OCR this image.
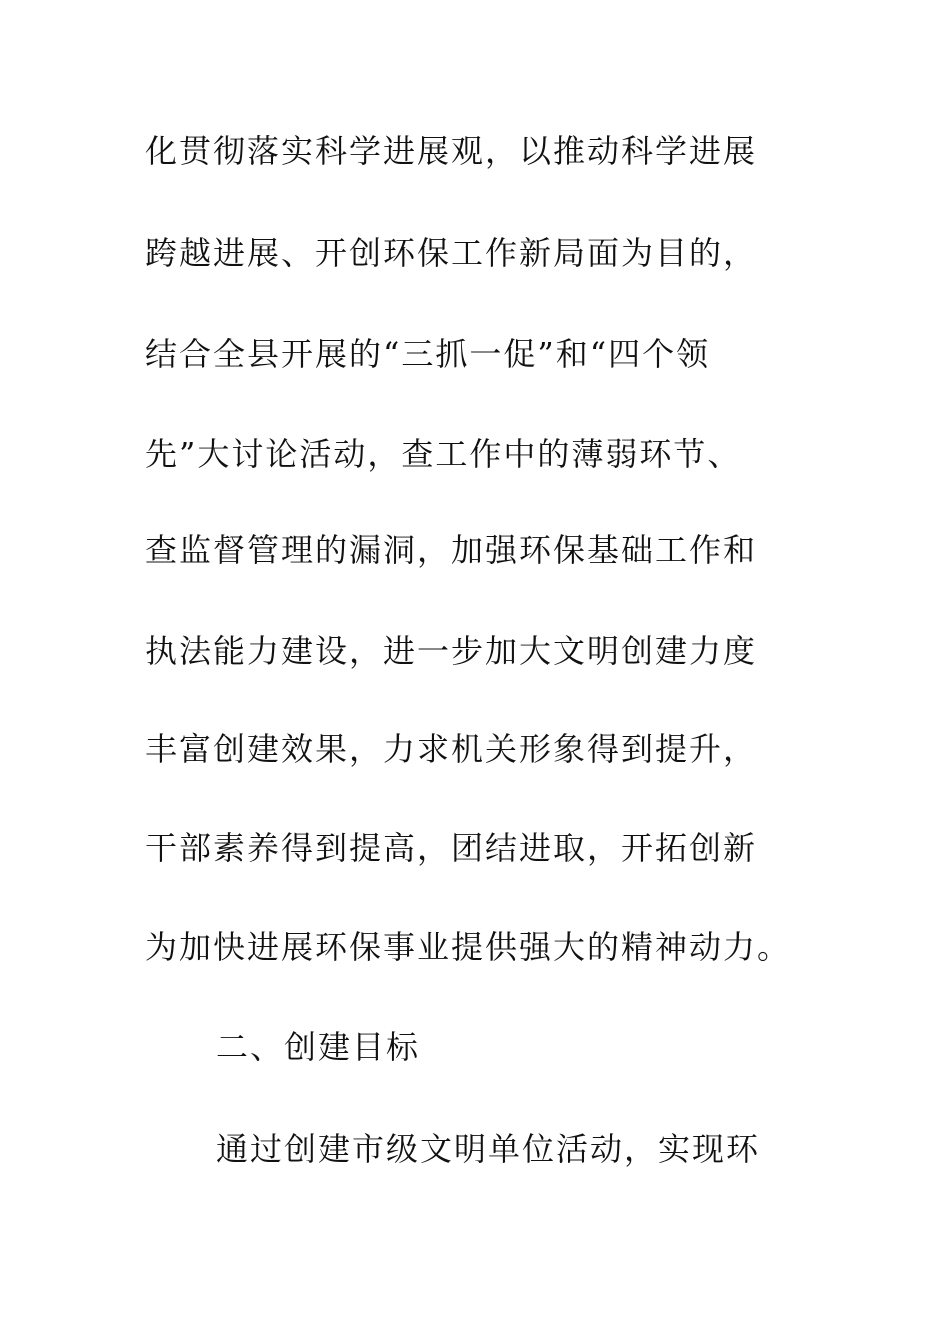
化贯彻落实科学进展观，以推动科学进展
跨越进展、开创环保工作新局面为目的，
结合全县开展的“三抓一促”和“四个领
先”大讨论活动，查工作中的薄弱环节、
查监督管理的漏洞，加强环保基础工作和
执法能力建设，进一步加大文明创建力度
丰富创建效果，力求机关形象得到提升，
干部素养得到提高，团结进取，开拓创新
为加快进展环保事业提供强大的精神动力。
二、创建目标
通过创建市级文明单位活动，实现环
